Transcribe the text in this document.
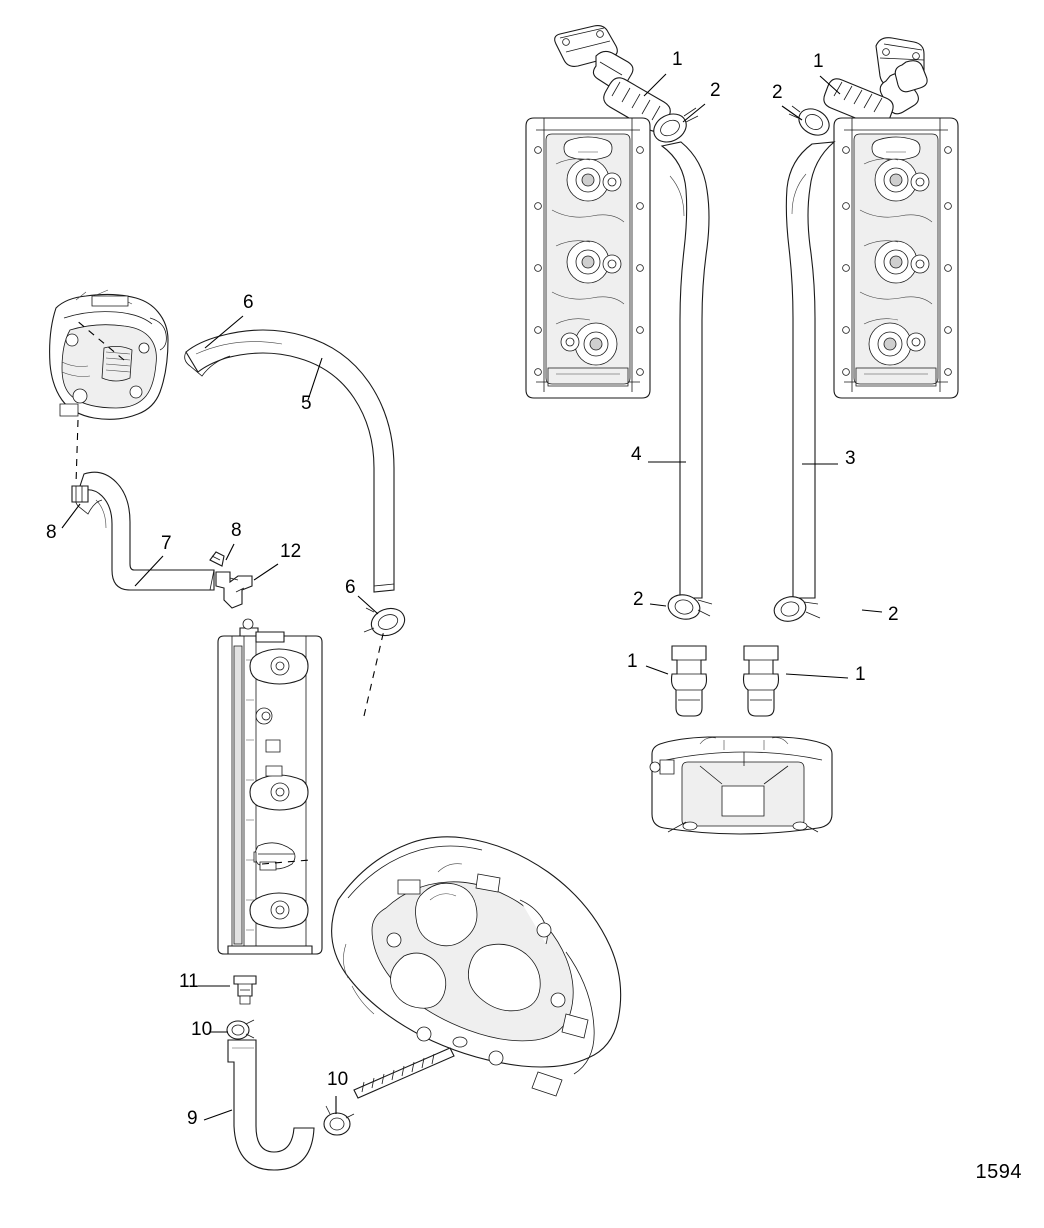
1
2
1
2
6
5
8
7
8
12
6
4	3
2
2
1
1
11
10
10
9
1594
